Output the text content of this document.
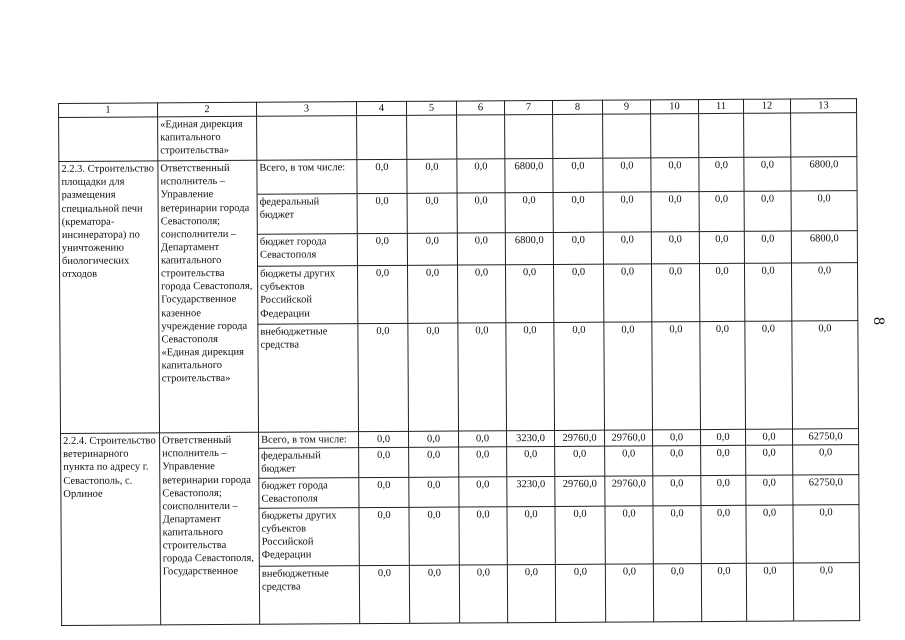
1	2	3	4	5	6	7	8	9	10	11	12	13
	«Единая дирекция капитального строительства»											
2.2.3. Строительство площадки для размещения специальной печи (крематора-инсинератора) по уничтожению биологических отходов	Ответственный исполнитель – Управление ветеринарии города Севастополя; соисполнители – Департамент капитального строительства города Севастополя, Государственное казенное учреждение города Севастополя «Единая дирекция капитального строительства»	Всего, в том числе:	0,0	0,0	0,0	6800,0	0,0	0,0	0,0	0,0	0,0	6800,0
		федеральный бюджет	0,0	0,0	0,0	0,0	0,0	0,0	0,0	0,0	0,0	0,0
		бюджет города Севастополя	0,0	0,0	0,0	6800,0	0,0	0,0	0,0	0,0	0,0	6800,0
		бюджеты других субъектов Российской Федерации	0,0	0,0	0,0	0,0	0,0	0,0	0,0	0,0	0,0	0,0
		внебюджетные средства	0,0	0,0	0,0	0,0	0,0	0,0	0,0	0,0	0,0	0,0
2.2.4. Строительство ветеринарного пункта по адресу г. Севастополь, с. Орлиное	Ответственный исполнитель – Управление ветеринарии города Севастополя; соисполнители – Департамент капитального строительства города Севастополя, Государственное	Всего, в том числе:	0,0	0,0	0,0	3230,0	29760,0	29760,0	0,0	0,0	0,0	62750,0
		федеральный бюджет	0,0	0,0	0,0	0,0	0,0	0,0	0,0	0,0	0,0	0,0
		бюджет города Севастополя	0,0	0,0	0,0	3230,0	29760,0	29760,0	0,0	0,0	0,0	62750,0
		бюджеты других субъектов Российской Федерации	0,0	0,0	0,0	0,0	0,0	0,0	0,0	0,0	0,0	0,0
		внебюджетные средства	0,0	0,0	0,0	0,0	0,0	0,0	0,0	0,0	0,0	0,0
8
